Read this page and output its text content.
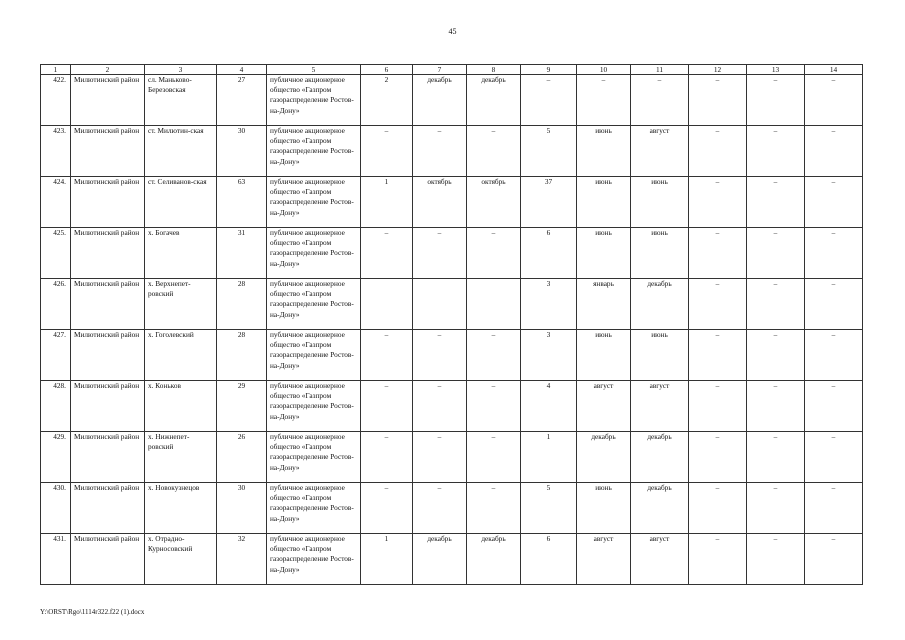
45
1	2	3	4	5	6	7	8	9	10	11	12	13	14
422.	Милютинский район	сл. Маньково-Березовская	27	публичное акционерное общество «Газпром газораспределение Ростов-на-Дону»	2	декабрь	декабрь	–	–	–	–	–	–
423.	Милютинский район	ст. Милютин-ская	30	публичное акционерное общество «Газпром газораспределение Ростов-на-Дону»	–	–	–	5	июнь	август	–	–	–
424.	Милютинский район	ст. Селиванов-ская	63	публичное акционерное общество «Газпром газораспределение Ростов-на-Дону»	1	октябрь	октябрь	37	июнь	июнь	–	–	–
425.	Милютинский район	х. Богачев	31	публичное акционерное общество «Газпром газораспределение Ростов-на-Дону»	–	–	–	6	июнь	июнь	–	–	–
426.	Милютинский район	х. Верхнепет-ровский	28	публичное акционерное общество «Газпром газораспределение Ростов-на-Дону»				3	январь	декабрь	–	–	–
427.	Милютинский район	х. Гоголевский	28	публичное акционерное общество «Газпром газораспределение Ростов-на-Дону»	–	–	–	3	июнь	июнь	–	–	–
428.	Милютинский район	х. Коньков	29	публичное акционерное общество «Газпром газораспределение Ростов-на-Дону»	–	–	–	4	август	август	–	–	–
429.	Милютинский район	х. Нижнепет-ровский	26	публичное акционерное общество «Газпром газораспределение Ростов-на-Дону»	–	–	–	1	декабрь	декабрь	–	–	–
430.	Милютинский район	х. Новокузнецов	30	публичное акционерное общество «Газпром газораспределение Ростов-на-Дону»	–	–	–	5	июнь	декабрь	–	–	–
431.	Милютинский район	х. Отрадно-Курносовский	32	публичное акционерное общество «Газпром газораспределение Ростов-на-Дону»	1	декабрь	декабрь	6	август	август	–	–	–
Y:\ORST\Rgo\1114r322.f22 (1).docx
